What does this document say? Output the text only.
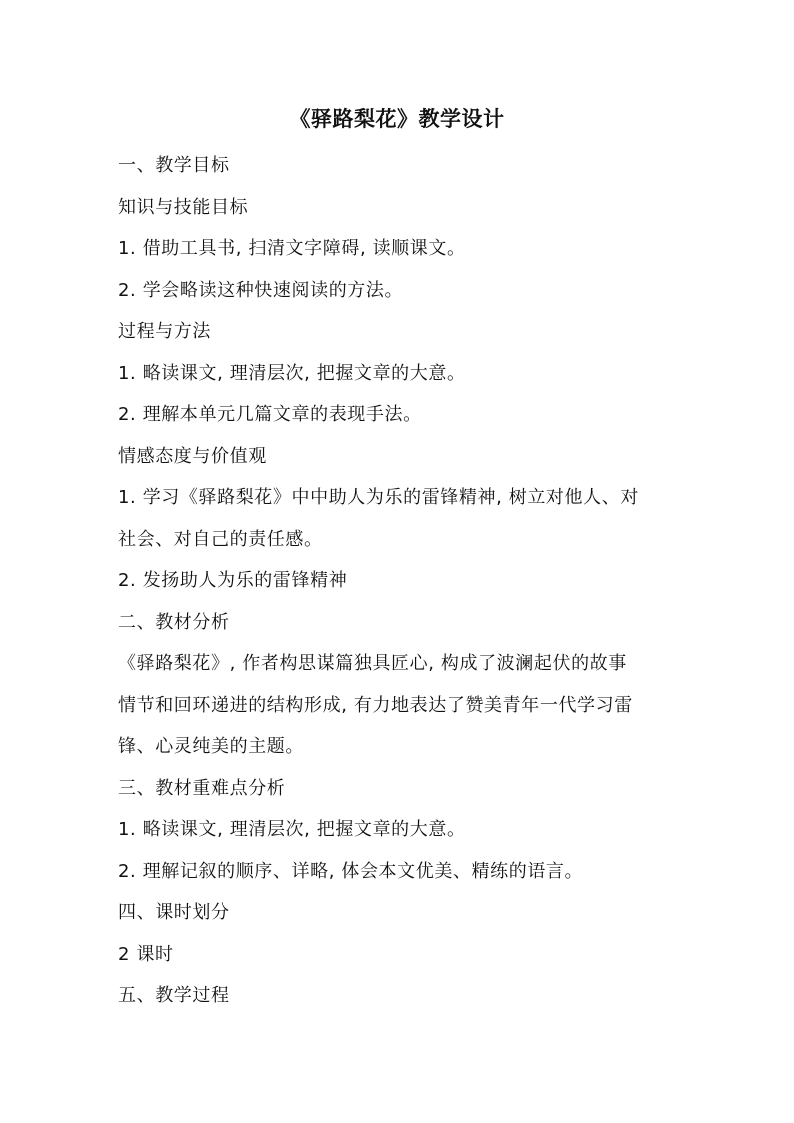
《驿路梨花》教学设计
一、教学目标
知识与技能目标
1. 借助工具书, 扫清文字障碍, 读顺课文。
2. 学会略读这种快速阅读的方法。
过程与方法
1. 略读课文, 理清层次, 把握文章的大意。
2. 理解本单元几篇文章的表现手法。
情感态度与价值观
1. 学习《驿路梨花》中中助人为乐的雷锋精神, 树立对他人、对
社会、对自己的责任感。
2. 发扬助人为乐的雷锋精神
二、教材分析
《驿路梨花》, 作者构思谋篇独具匠心, 构成了波澜起伏的故事
情节和回环递进的结构形成, 有力地表达了赞美青年一代学习雷
锋、心灵纯美的主题。
三、教材重难点分析
1. 略读课文, 理清层次, 把握文章的大意。
2. 理解记叙的顺序、详略, 体会本文优美、精练的语言。
四、课时划分
2 课时
五、教学过程
